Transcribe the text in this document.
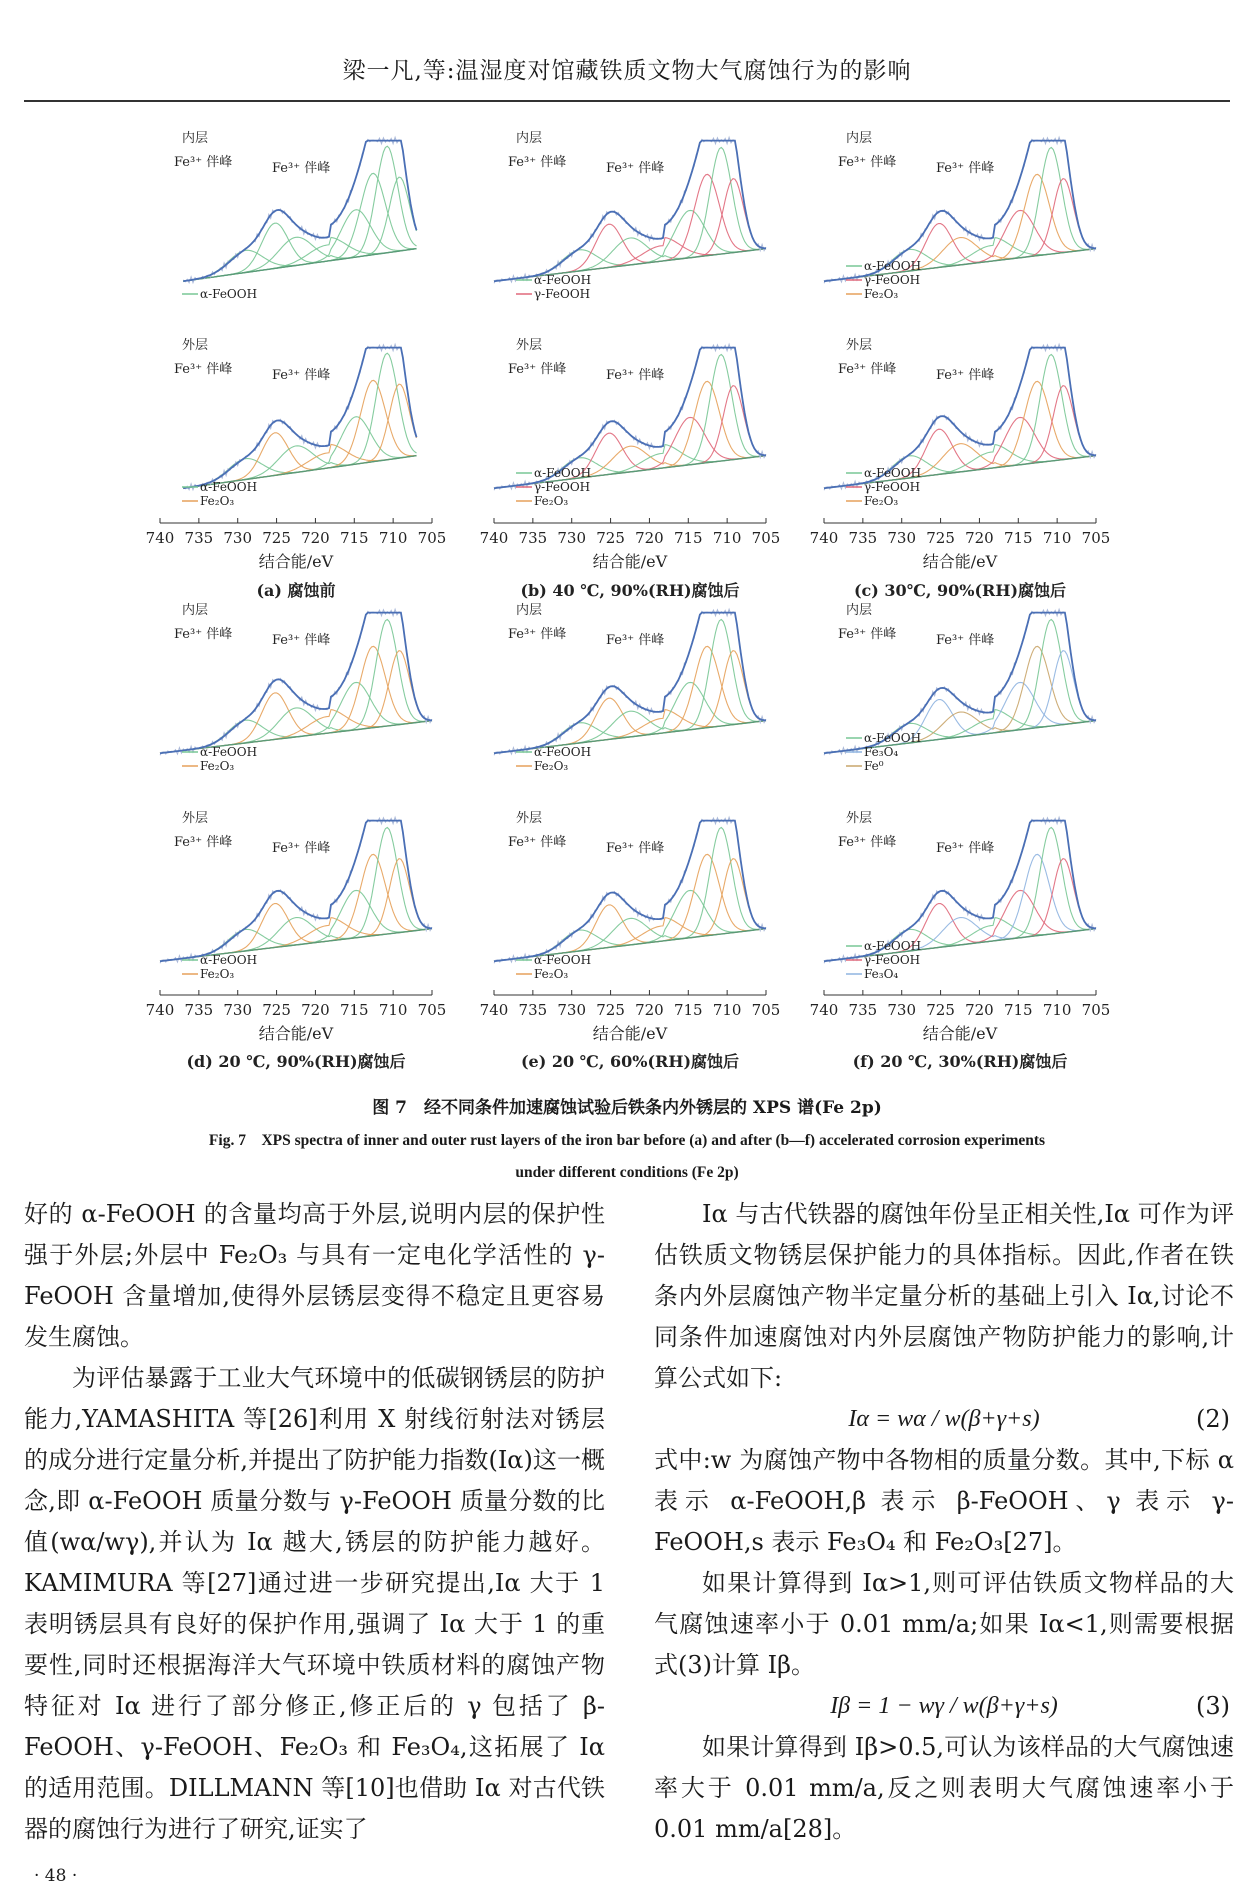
梁一凡,等:温湿度对馆藏铁质文物大气腐蚀行为的影响
内层
Fe³⁺ 伴峰	Fe³⁺ 伴峰
α-FeOOH
外层
Fe³⁺ 伴峰	Fe³⁺ 伴峰
α-FeOOH
Fe₂O₃
内层
Fe³⁺ 伴峰	Fe³⁺ 伴峰
α-FeOOH
γ-FeOOH
外层
Fe³⁺ 伴峰	Fe³⁺ 伴峰
α-FeOOH
γ-FeOOH
Fe₂O₃
内层
Fe³⁺ 伴峰	Fe³⁺ 伴峰
α-FeOOH
γ-FeOOH
Fe₂O₃
外层
Fe³⁺ 伴峰	Fe³⁺ 伴峰
α-FeOOH
γ-FeOOH
Fe₂O₃
内层
Fe³⁺ 伴峰	Fe³⁺ 伴峰
α-FeOOH
Fe₂O₃
外层
Fe³⁺ 伴峰	Fe³⁺ 伴峰
α-FeOOH
Fe₂O₃
内层
Fe³⁺ 伴峰	Fe³⁺ 伴峰
α-FeOOH
Fe₂O₃
外层
Fe³⁺ 伴峰	Fe³⁺ 伴峰
α-FeOOH
Fe₂O₃
内层
Fe³⁺ 伴峰	Fe³⁺ 伴峰
α-FeOOH
Fe₃O₄
Fe⁰
外层
Fe³⁺ 伴峰	Fe³⁺ 伴峰
α-FeOOH
γ-FeOOH
Fe₃O₄
740 735 730 725 720 715 710 705
结合能/eV
(a) 腐蚀前
740 735 730 725 720 715 710 705
结合能/eV
(b) 40 ℃, 90%(RH)腐蚀后
740 735 730 725 720 715 710 705
结合能/eV
(c) 30℃, 90%(RH)腐蚀后
740 735 730 725 720 715 710 705
结合能/eV
(d) 20 ℃, 90%(RH)腐蚀后
740 735 730 725 720 715 710 705
结合能/eV
(e) 20 ℃, 60%(RH)腐蚀后
740 735 730 725 720 715 710 705
结合能/eV
(f) 20 ℃, 30%(RH)腐蚀后
图 7　经不同条件加速腐蚀试验后铁条内外锈层的 XPS 谱(Fe 2p)
Fig. 7　XPS spectra of inner and outer rust layers of the iron bar before (a) and after (b—f) accelerated corrosion experiments
under different conditions (Fe 2p)

好的 α-FeOOH 的含量均高于外层,说明内层的保护性强于外层;外层中 Fe₂O₃ 与具有一定电化学活性的 γ-FeOOH 含量增加,使得外层锈层变得不稳定且更容易发生腐蚀。

为评估暴露于工业大气环境中的低碳钢锈层的防护能力,YAMASHITA 等[26]利用 X 射线衍射法对锈层的成分进行定量分析,并提出了防护能力指数(Iα)这一概念,即 α-FeOOH 质量分数与 γ-FeOOH 质量分数的比值(wα/wγ),并认为 Iα 越大,锈层的防护能力越好。KAMIMURA 等[27]通过进一步研究提出,Iα 大于 1 表明锈层具有良好的保护作用,强调了 Iα 大于 1 的重要性,同时还根据海洋大气环境中铁质材料的腐蚀产物特征对 Iα 进行了部分修正,修正后的 γ 包括了 β-FeOOH、γ-FeOOH、Fe₂O₃ 和 Fe₃O₄,这拓展了 Iα 的适用范围。DILLMANN 等[10]也借助 Iα 对古代铁器的腐蚀行为进行了研究,证实了

Iα 与古代铁器的腐蚀年份呈正相关性,Iα 可作为评估铁质文物锈层保护能力的具体指标。因此,作者在铁条内外层腐蚀产物半定量分析的基础上引入 Iα,讨论不同条件加速腐蚀对内外层腐蚀产物防护能力的影响,计算公式如下:

Iα = wα / w(β+γ+s)	(2)

式中:w 为腐蚀产物中各物相的质量分数。其中,下标 α 表示 α-FeOOH,β 表示 β-FeOOH、γ 表示 γ-FeOOH,s 表示 Fe₃O₄ 和 Fe₂O₃[27]。

如果计算得到 Iα>1,则可评估铁质文物样品的大气腐蚀速率小于 0.01 mm/a;如果 Iα<1,则需要根据式(3)计算 Iβ。

Iβ = 1 − wγ / w(β+γ+s)	(3)

如果计算得到 Iβ>0.5,可认为该样品的大气腐蚀速率大于 0.01 mm/a,反之则表明大气腐蚀速率小于 0.01 mm/a[28]。

· 48 ·
